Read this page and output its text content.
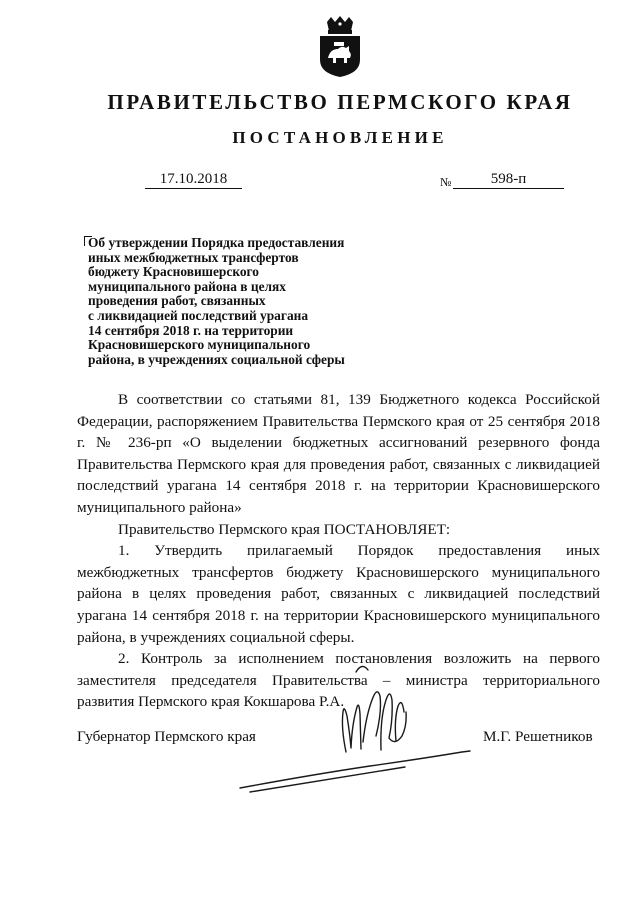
ПРАВИТЕЛЬСТВО ПЕРМСКОГО КРАЯ
ПОСТАНОВЛЕНИЕ
17.10.2018	№	598-п
Об утверждении Порядка предоставления
иных межбюджетных трансфертов
бюджету Красновишерского
муниципального района в целях
проведения работ, связанных
с ликвидацией последствий урагана
14 сентября 2018 г. на территории
Красновишерского муниципального
района, в учреждениях социальной сферы

В соответствии со статьями 81, 139 Бюджетного кодекса Российской Федерации, распоряжением Правительства Пермского края от 25 сентября 2018 г. № 236-рп «О выделении бюджетных ассигнований резервного фонда Правительства Пермского края для проведения работ, связанных с ликвидацией последствий урагана 14 сентября 2018 г. на территории Красновишерского муниципального района»

Правительство Пермского края ПОСТАНОВЛЯЕТ:

1. Утвердить прилагаемый Порядок предоставления иных межбюджетных трансфертов бюджету Красновишерского муниципального района в целях проведения работ, связанных с ликвидацией последствий урагана 14 сентября 2018 г. на территории Красновишерского муниципального района, в учреждениях социальной сферы.

2. Контроль за исполнением постановления возложить на первого заместителя председателя Правительства – министра территориального развития Пермского края Кокшарова Р.А.

Губернатор Пермского края	М.Г. Решетников
